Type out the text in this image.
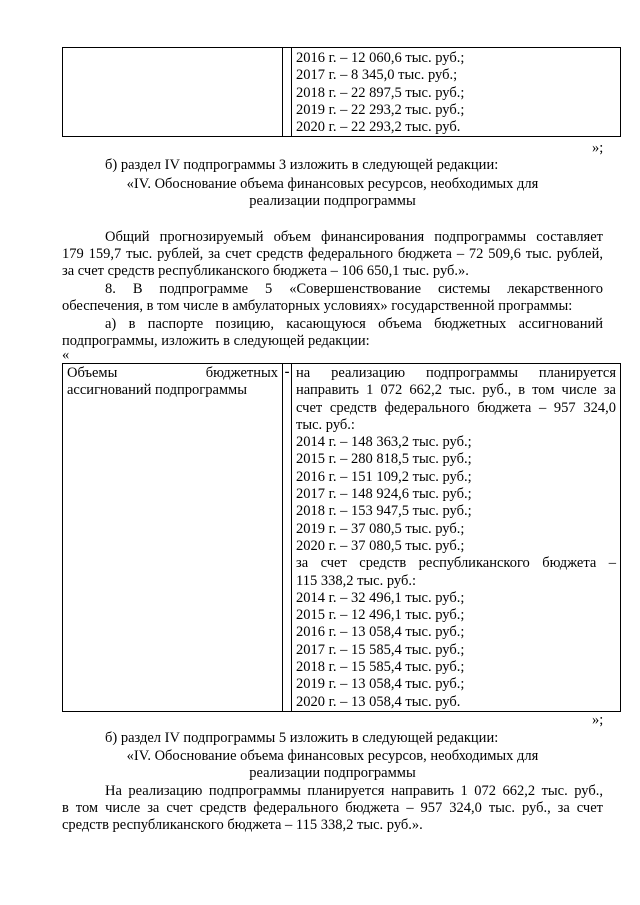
2016 г. – 12 060,6 тыс. руб.;
2017 г. – 8 345,0 тыс. руб.;
2018 г. – 22 897,5 тыс. руб.;
2019 г. – 22 293,2 тыс. руб.;
2020 г. – 22 293,2 тыс. руб.
»;
б) раздел IV подпрограммы 3 изложить в следующей редакции:
«IV. Обоснование объема финансовых ресурсов, необходимых для
реализации подпрограммы
Общий прогнозируемый объем финансирования подпрограммы составляет
179 159,7 тыс. рублей, за счет средств федерального бюджета – 72 509,6 тыс. рублей,
за счет средств республиканского бюджета – 106 650,1 тыс. руб.».
8. В подпрограмме 5 «Совершенствование системы лекарственного
обеспечения, в том числе в амбулаторных условиях» государственной программы:
а) в паспорте позицию, касающуюся объема бюджетных ассигнований
подпрограммы, изложить в следующей редакции:
«
Объемы бюджетных
ассигнований подпрограммы
	-	на реализацию подпрограммы планируется
направить 1 072 662,2 тыс. руб., в том числе за
счет средств федерального бюджета – 957 324,0
тыс. руб.:
2014 г. – 148 363,2 тыс. руб.;
2015 г. – 280 818,5 тыс. руб.;
2016 г. – 151 109,2 тыс. руб.;
2017 г. – 148 924,6 тыс. руб.;
2018 г. – 153 947,5 тыс. руб.;
2019 г. – 37 080,5 тыс. руб.;
2020 г. – 37 080,5 тыс. руб.;
за счет средств республиканского бюджета –
115 338,2 тыс. руб.:
2014 г. – 32 496,1 тыс. руб.;
2015 г. – 12 496,1 тыс. руб.;
2016 г. – 13 058,4 тыс. руб.;
2017 г. – 15 585,4 тыс. руб.;
2018 г. – 15 585,4 тыс. руб.;
2019 г. – 13 058,4 тыс. руб.;
2020 г. – 13 058,4 тыс. руб.
»;
б) раздел IV подпрограммы 5 изложить в следующей редакции:
«IV. Обоснование объема финансовых ресурсов, необходимых для
реализации подпрограммы
На реализацию подпрограммы планируется направить 1 072 662,2 тыс. руб.,
в том числе за счет средств федерального бюджета – 957 324,0 тыс. руб., за счет
средств республиканского бюджета – 115 338,2 тыс. руб.».
